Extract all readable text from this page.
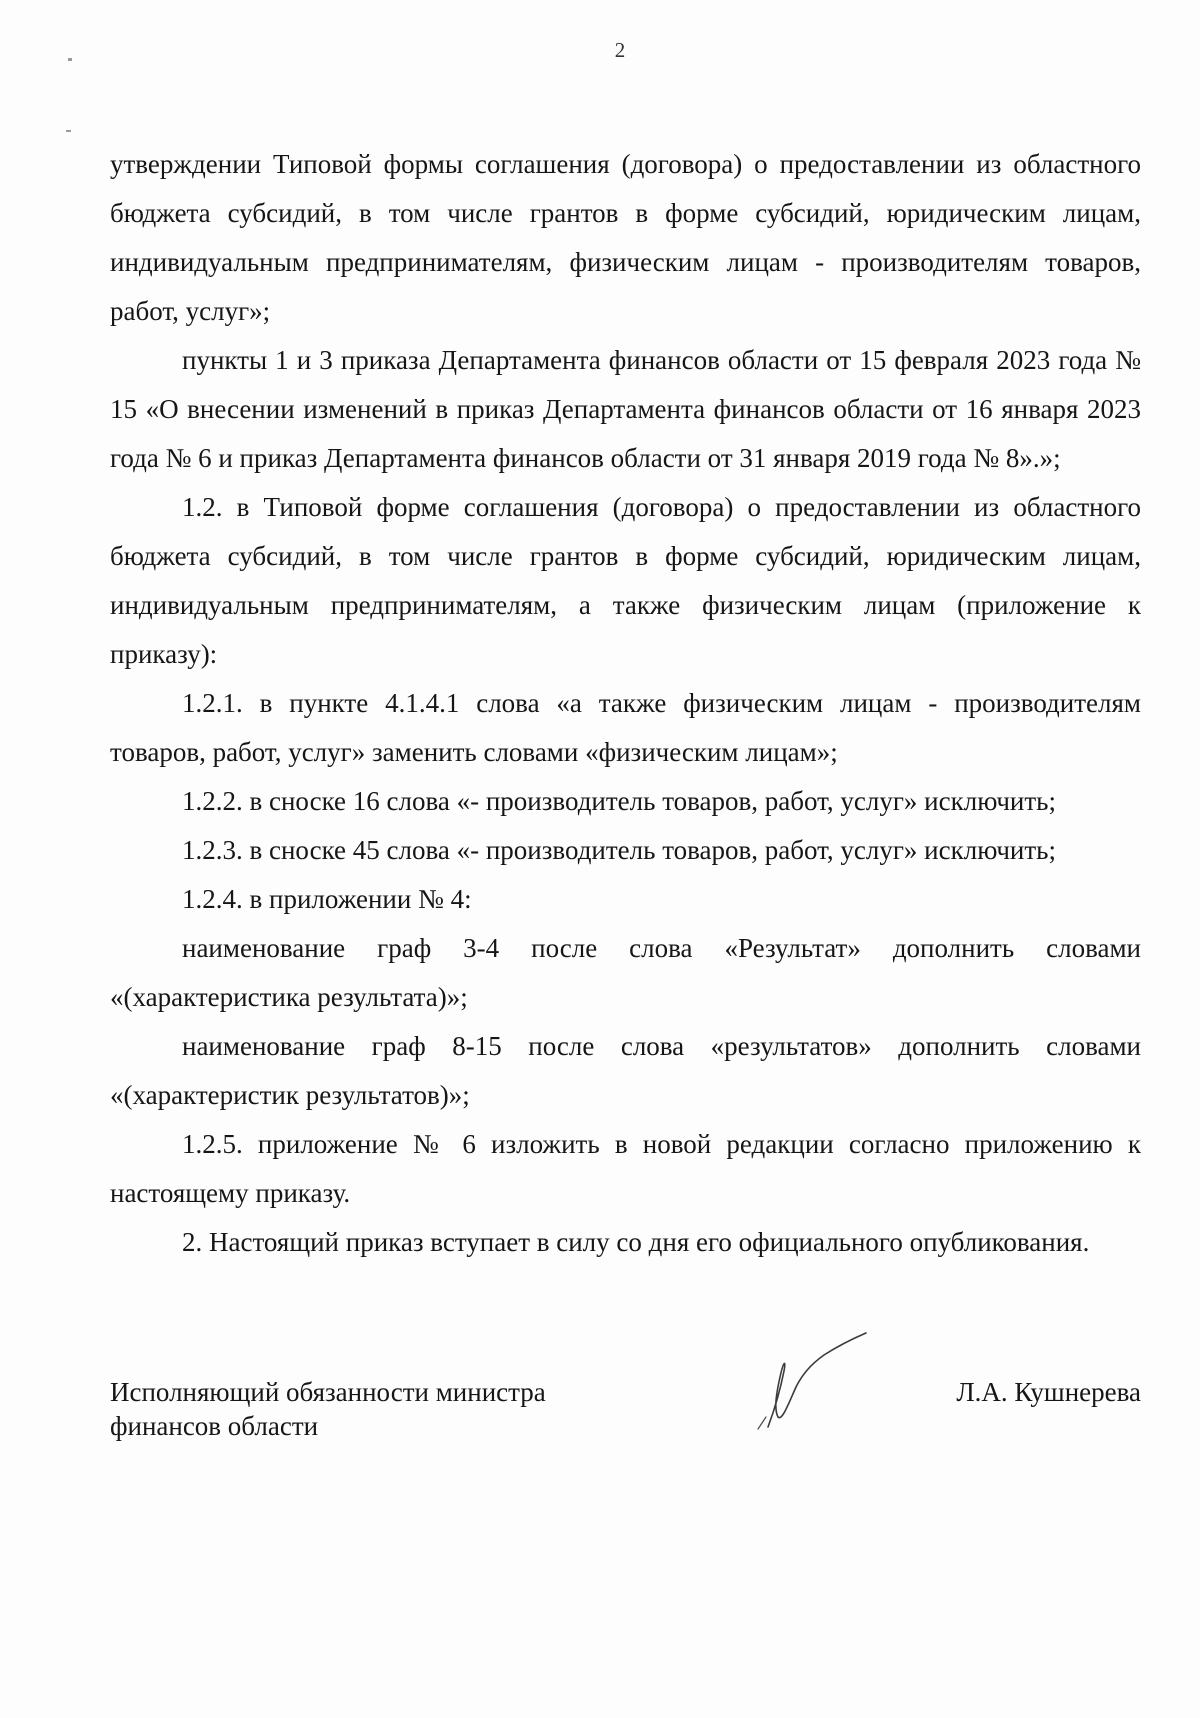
2

утверждении Типовой формы соглашения (договора) о предоставлении из областного бюджета субсидий, в том числе грантов в форме субсидий, юридическим лицам, индивидуальным предпринимателям, физическим лицам - производителям товаров, работ, услуг»;

пункты 1 и 3 приказа Департамента финансов области от 15 февраля 2023 года № 15 «О внесении изменений в приказ Департамента финансов области от 16 января 2023 года № 6 и приказ Департамента финансов области от 31 января 2019 года № 8».»;

1.2. в Типовой форме соглашения (договора) о предоставлении из областного бюджета субсидий, в том числе грантов в форме субсидий, юридическим лицам, индивидуальным предпринимателям, а также физическим лицам (приложение к приказу):

1.2.1. в пункте 4.1.4.1 слова «а также физическим лицам - производителям товаров, работ, услуг» заменить словами «физическим лицам»;

1.2.2. в сноске 16 слова «- производитель товаров, работ, услуг» исключить;

1.2.3. в сноске 45 слова «- производитель товаров, работ, услуг» исключить;

1.2.4. в приложении № 4:

наименование граф 3-4 после слова «Результат» дополнить словами «(характеристика результата)»;

наименование граф 8-15 после слова «результатов» дополнить словами «(характеристик результатов)»;

1.2.5. приложение № 6 изложить в новой редакции согласно приложению к настоящему приказу.

2. Настоящий приказ вступает в силу со дня его официального опубликования.

Исполняющий обязанности министра
финансов области
Л.А. Кушнерева
